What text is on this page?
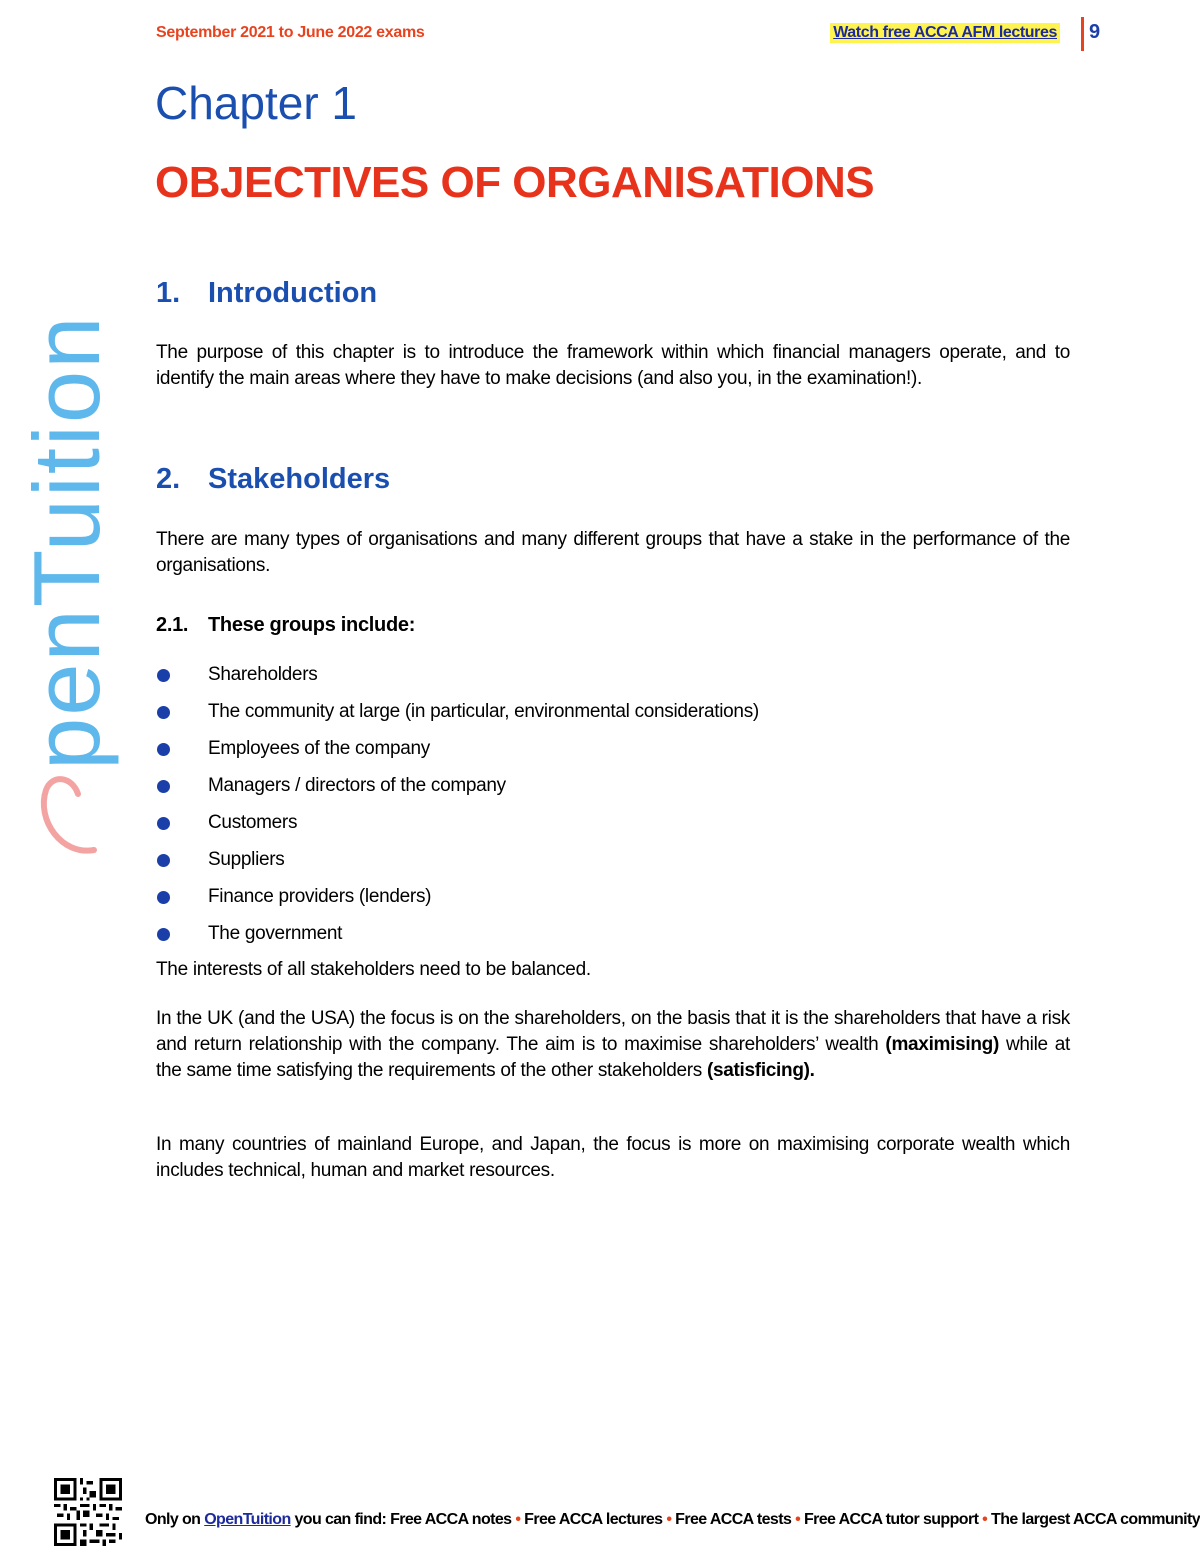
September 2021 to June 2022 exams	Watch free ACCA AFM lectures 9
penTuition
Chapter 1
OBJECTIVES OF ORGANISATIONS
1. Introduction
The purpose of this chapter is to introduce the framework within which financial managers operate, and to identify the main areas where they have to make decisions (and also you, in the examination!).
2. Stakeholders
There are many types of organisations and many different groups that have a stake in the performance of the organisations.
2.1. These groups include:
Shareholders
The community at large (in particular, environmental considerations)
Employees of the company
Managers / directors of the company
Customers
Suppliers
Finance providers (lenders)
The government
The interests of all stakeholders need to be balanced.
In the UK (and the USA) the focus is on the shareholders, on the basis that it is the shareholders that have a risk and return relationship with the company. The aim is to maximise shareholders’ wealth (maximising) while at the same time satisfying the requirements of the other stakeholders (satisficing).
In many countries of mainland Europe, and Japan, the focus is more on maximising corporate wealth which includes technical, human and market resources.
Only on OpenTuition you can find: Free ACCA notes • Free ACCA lectures • Free ACCA tests • Free ACCA tutor support • The largest ACCA community
